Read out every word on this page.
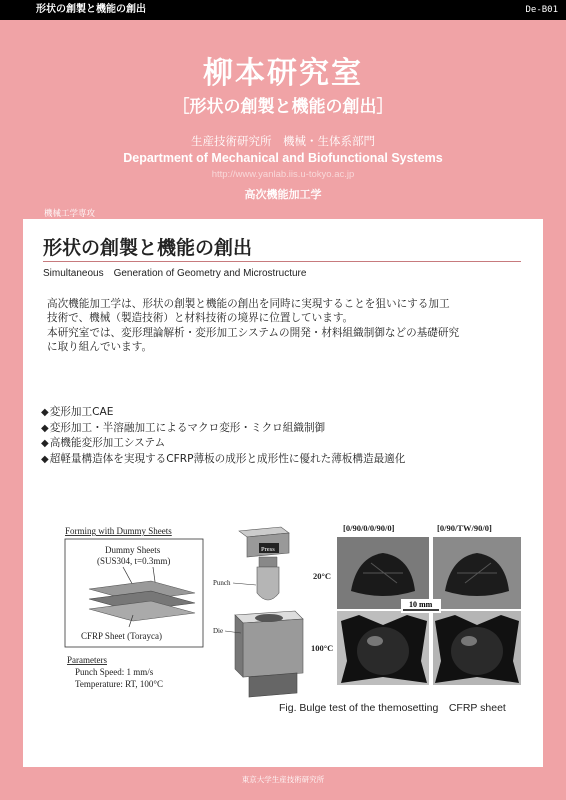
形状の創製と機能の創出	De-B01
柳本研究室
［形状の創製と機能の創出］
生産技術研究所　機械・生体系部門
Department of Mechanical and Biofunctional Systems
http://www.yanlab.iis.u-tokyo.ac.jp
高次機能加工学
機械工学専攻
形状の創製と機能の創出
Simultaneous　Generation of Geometry and Microstructure

高次機能加工学は、形状の創製と機能の創出を同時に実現することを狙いにする加工

技術で、機械（製造技術）と材料技術の境界に位置しています。

本研究室では、変形理論解析・変形加工システムの開発・材料組織制御などの基礎研究

に取り組んでいます。

◆ 変形加工CAE
◆ 変形加工・半溶融加工によるマクロ変形・ミクロ組織制御
◆ 高機能変形加工システム
◆ 超軽量構造体を実現するCFRP薄板の成形と成形性に優れた薄板構造最適化
Forming with Dummy Sheets
Dummy Sheets
(SUS304, t=0.3mm)
CFRP Sheet (Torayca)
Parameters
Punch Speed: 1 mm/s
Temperature: RT, 100°C
Press
Punch
Die
[0/90/0/0/90/0]	[0/90/TW/90/0]
20°C
100°C
10 mm
Fig. Bulge test of the themosetting　CFRP sheet
東京大学生産技術研究所
